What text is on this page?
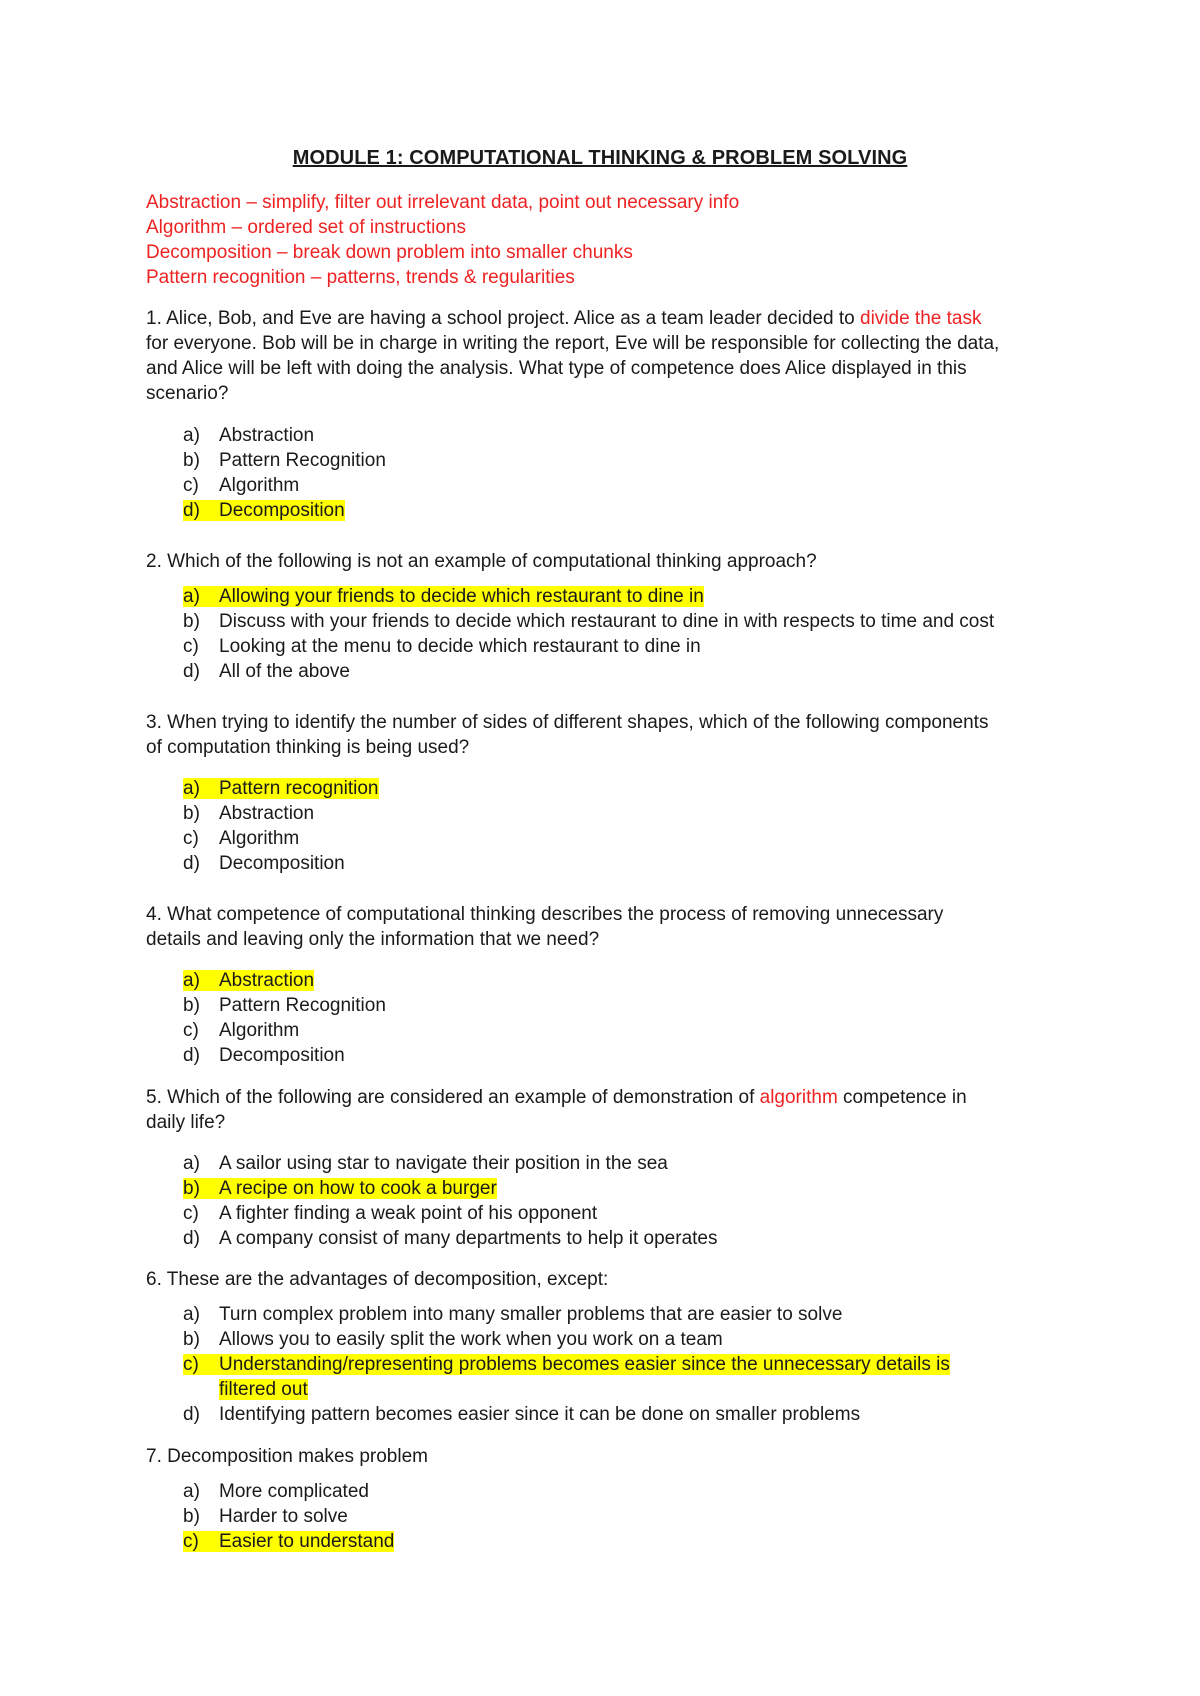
MODULE 1: COMPUTATIONAL THINKING & PROBLEM SOLVING
Abstraction – simplify, filter out irrelevant data, point out necessary info
Algorithm – ordered set of instructions
Decomposition – break down problem into smaller chunks
Pattern recognition – patterns, trends & regularities
1. Alice, Bob, and Eve are having a school project. Alice as a team leader decided to divide the task
for everyone. Bob will be in charge in writing the report, Eve will be responsible for collecting the data,
and Alice will be left with doing the analysis. What type of competence does Alice displayed in this
scenario?
a) Abstraction
b) Pattern Recognition
c) Algorithm
d) Decomposition
2. Which of the following is not an example of computational thinking approach?
a) Allowing your friends to decide which restaurant to dine in
b) Discuss with your friends to decide which restaurant to dine in with respects to time and cost
c) Looking at the menu to decide which restaurant to dine in
d) All of the above
3. When trying to identify the number of sides of different shapes, which of the following components
of computation thinking is being used?
a) Pattern recognition
b) Abstraction
c) Algorithm
d) Decomposition
4. What competence of computational thinking describes the process of removing unnecessary
details and leaving only the information that we need?
a) Abstraction
b) Pattern Recognition
c) Algorithm
d) Decomposition
5. Which of the following are considered an example of demonstration of algorithm competence in
daily life?
a) A sailor using star to navigate their position in the sea
b) A recipe on how to cook a burger
c) A fighter finding a weak point of his opponent
d) A company consist of many departments to help it operates
6. These are the advantages of decomposition, except:
a) Turn complex problem into many smaller problems that are easier to solve
b) Allows you to easily split the work when you work on a team
c) Understanding/representing problems becomes easier since the unnecessary details is
filtered out
d) Identifying pattern becomes easier since it can be done on smaller problems
7. Decomposition makes problem
a) More complicated
b) Harder to solve
c) Easier to understand
